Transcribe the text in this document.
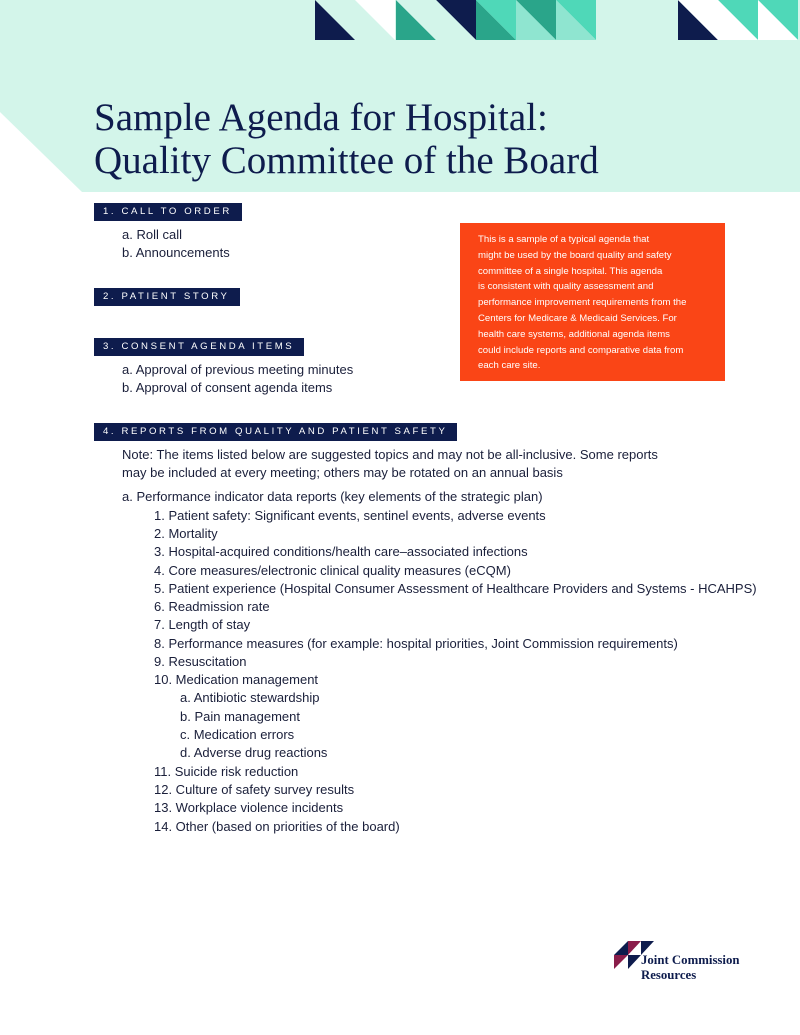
Sample Agenda for Hospital:
Quality Committee of the Board
1. CALL TO ORDER
a. Roll call
b. Announcements
2. PATIENT STORY
3. CONSENT AGENDA ITEMS
a. Approval of previous meeting minutes
b. Approval of consent agenda items
This is a sample of a typical agenda that
might be used by the board quality and safety
committee of a single hospital. This agenda
is consistent with quality assessment and
performance improvement requirements from the
Centers for Medicare & Medicaid Services. For
health care systems, additional agenda items
could include reports and comparative data from
each care site.
4. REPORTS FROM QUALITY AND PATIENT SAFETY
Note: The items listed below are suggested topics and may not be all-inclusive. Some reports
may be included at every meeting; others may be rotated on an annual basis
a. Performance indicator data reports (key elements of the strategic plan)
1. Patient safety: Significant events, sentinel events, adverse events
2. Mortality
3. Hospital-acquired conditions/health care–associated infections
4. Core measures/electronic clinical quality measures (eCQM)
5. Patient experience (Hospital Consumer Assessment of Healthcare Providers and Systems - HCAHPS)
6. Readmission rate
7. Length of stay
8. Performance measures (for example: hospital priorities, Joint Commission requirements)
9. Resuscitation
10. Medication management
a. Antibiotic stewardship
b. Pain management
c. Medication errors
d. Adverse drug reactions
11. Suicide risk reduction
12. Culture of safety survey results
13. Workplace violence incidents
14. Other (based on priorities of the board)
Joint Commission
Resources
